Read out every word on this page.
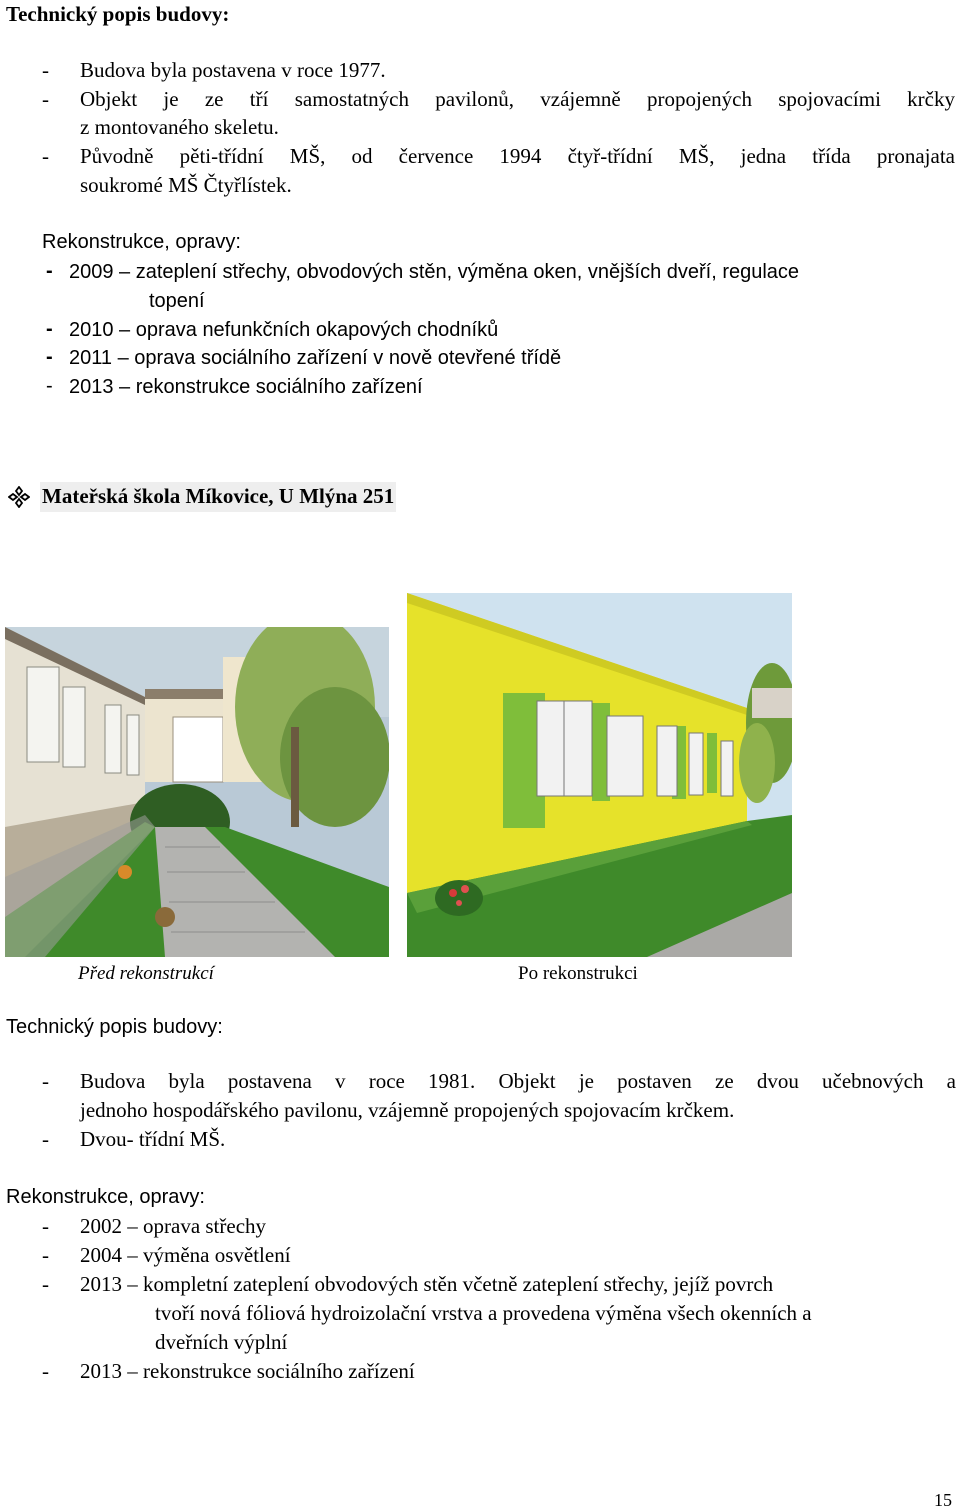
Technický popis budovy:
- Budova byla postavena v roce 1977.
- Objekt je ze tří samostatných pavilonů, vzájemně propojených spojovacími krčky
z montovaného skeletu.
- Původně pěti-třídní MŠ, od července 1994 čtyř-třídní MŠ, jedna třída pronajata
soukromé MŠ Čtyřlístek.
Rekonstrukce, opravy:
- 2009 – zateplení střechy, obvodových stěn, výměna oken, vnějších dveří, regulace
topení
- 2010 – oprava nefunkčních okapových chodníků
- 2011 – oprava sociálního zařízení v nově otevřené třídě
- 2013 – rekonstrukce sociálního zařízení
Mateřská škola Míkovice, U Mlýna 251
Před rekonstrukcí	Po rekonstrukci
Technický popis budovy:
- Budova byla postavena v roce 1981. Objekt je postaven ze dvou učebnových a
jednoho hospodářského pavilonu, vzájemně propojených spojovacím krčkem.
- Dvou- třídní MŠ.
Rekonstrukce, opravy:
- 2002 – oprava střechy
- 2004 – výměna osvětlení
- 2013 – kompletní zateplení obvodových stěn včetně zateplení střechy, jejíž povrch
tvoří nová fóliová hydroizolační vrstva a provedena výměna všech okenních a
dveřních výplní
- 2013 – rekonstrukce sociálního zařízení
15
